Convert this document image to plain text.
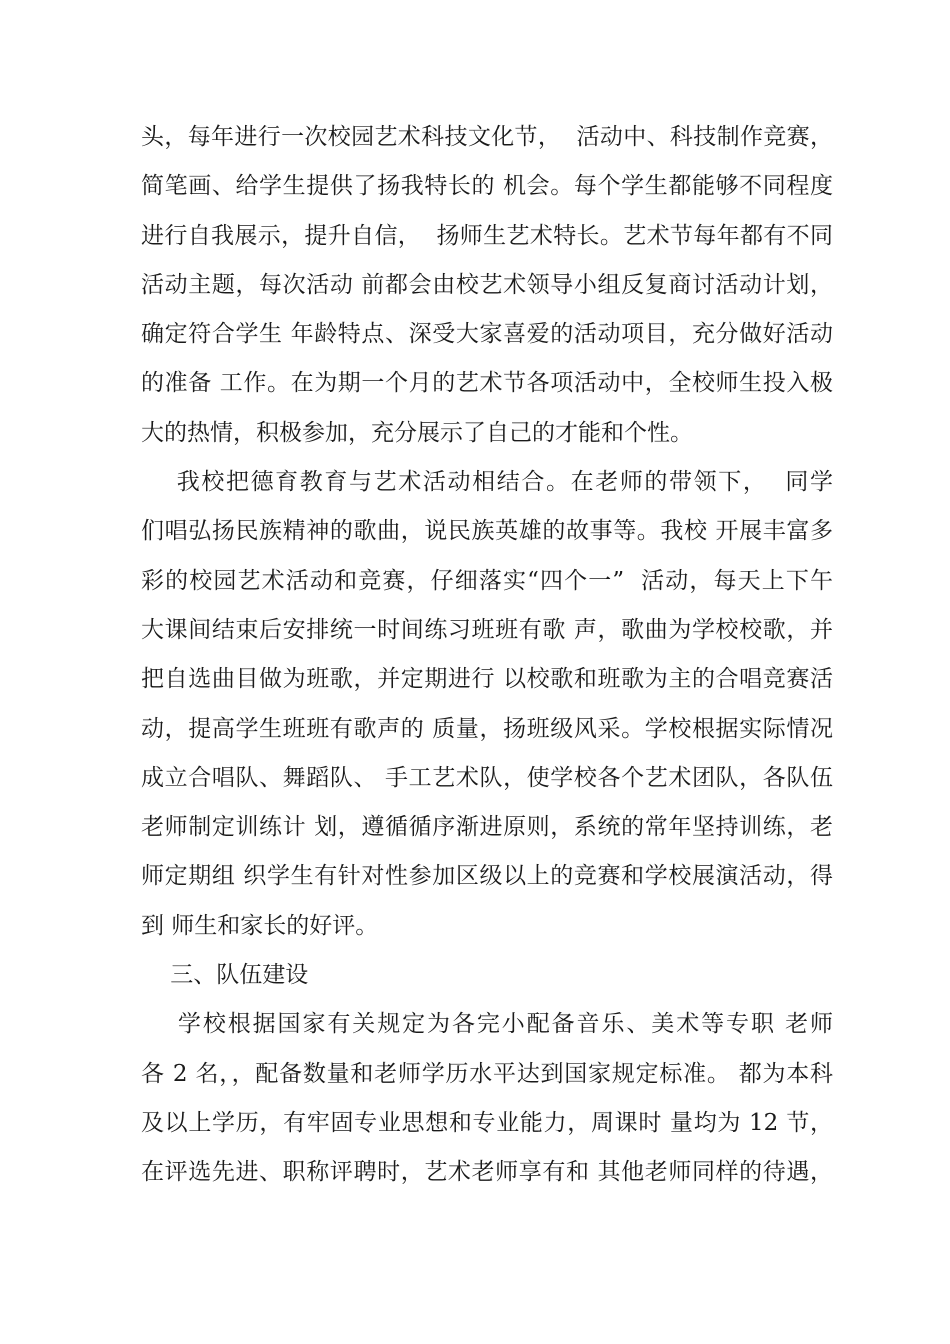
头，每年进行一次校园艺术科技文化节，  活动中、科技制作竞赛，
简笔画、给学生提供了扬我特长的 机会。每个学生都能够不同程度
进行自我展示，提升自信，  扬师生艺术特长。艺术节每年都有不同
活动主题，每次活动 前都会由校艺术领导小组反复商讨活动计划，
确定符合学生 年龄特点、深受大家喜爱的活动项目，充分做好活动
的准备 工作。在为期一个月的艺术节各项活动中，全校师生投入极
大的热情，积极参加，充分展示了自己的才能和个性。
我校把德育教育与艺术活动相结合。在老师的带领下，  同学
们唱弘扬民族精神的歌曲，说民族英雄的故事等。我校 开展丰富多
彩的校园艺术活动和竞赛，仔细落实“四个一”  活动，每天上下午
大课间结束后安排统一时间练习班班有歌 声，歌曲为学校校歌，并
把自选曲目做为班歌，并定期进行 以校歌和班歌为主的合唱竞赛活
动，提高学生班班有歌声的 质量，扬班级风采。学校根据实际情况
成立合唱队、舞蹈队、 手工艺术队，使学校各个艺术团队，各队伍
老师制定训练计 划，遵循循序渐进原则，系统的常年坚持训练，老
师定期组 织学生有针对性参加区级以上的竞赛和学校展演活动，得
到 师生和家长的好评。
三、队伍建设
学校根据国家有关规定为各完小配备音乐、美术等专职 老师
各 2 名，，配备数量和老师学历水平达到国家规定标准。 都为本科
及以上学历，有牢固专业思想和专业能力，周课时 量均为 12 节，
在评选先进、职称评聘时，艺术老师享有和 其他老师同样的待遇，
